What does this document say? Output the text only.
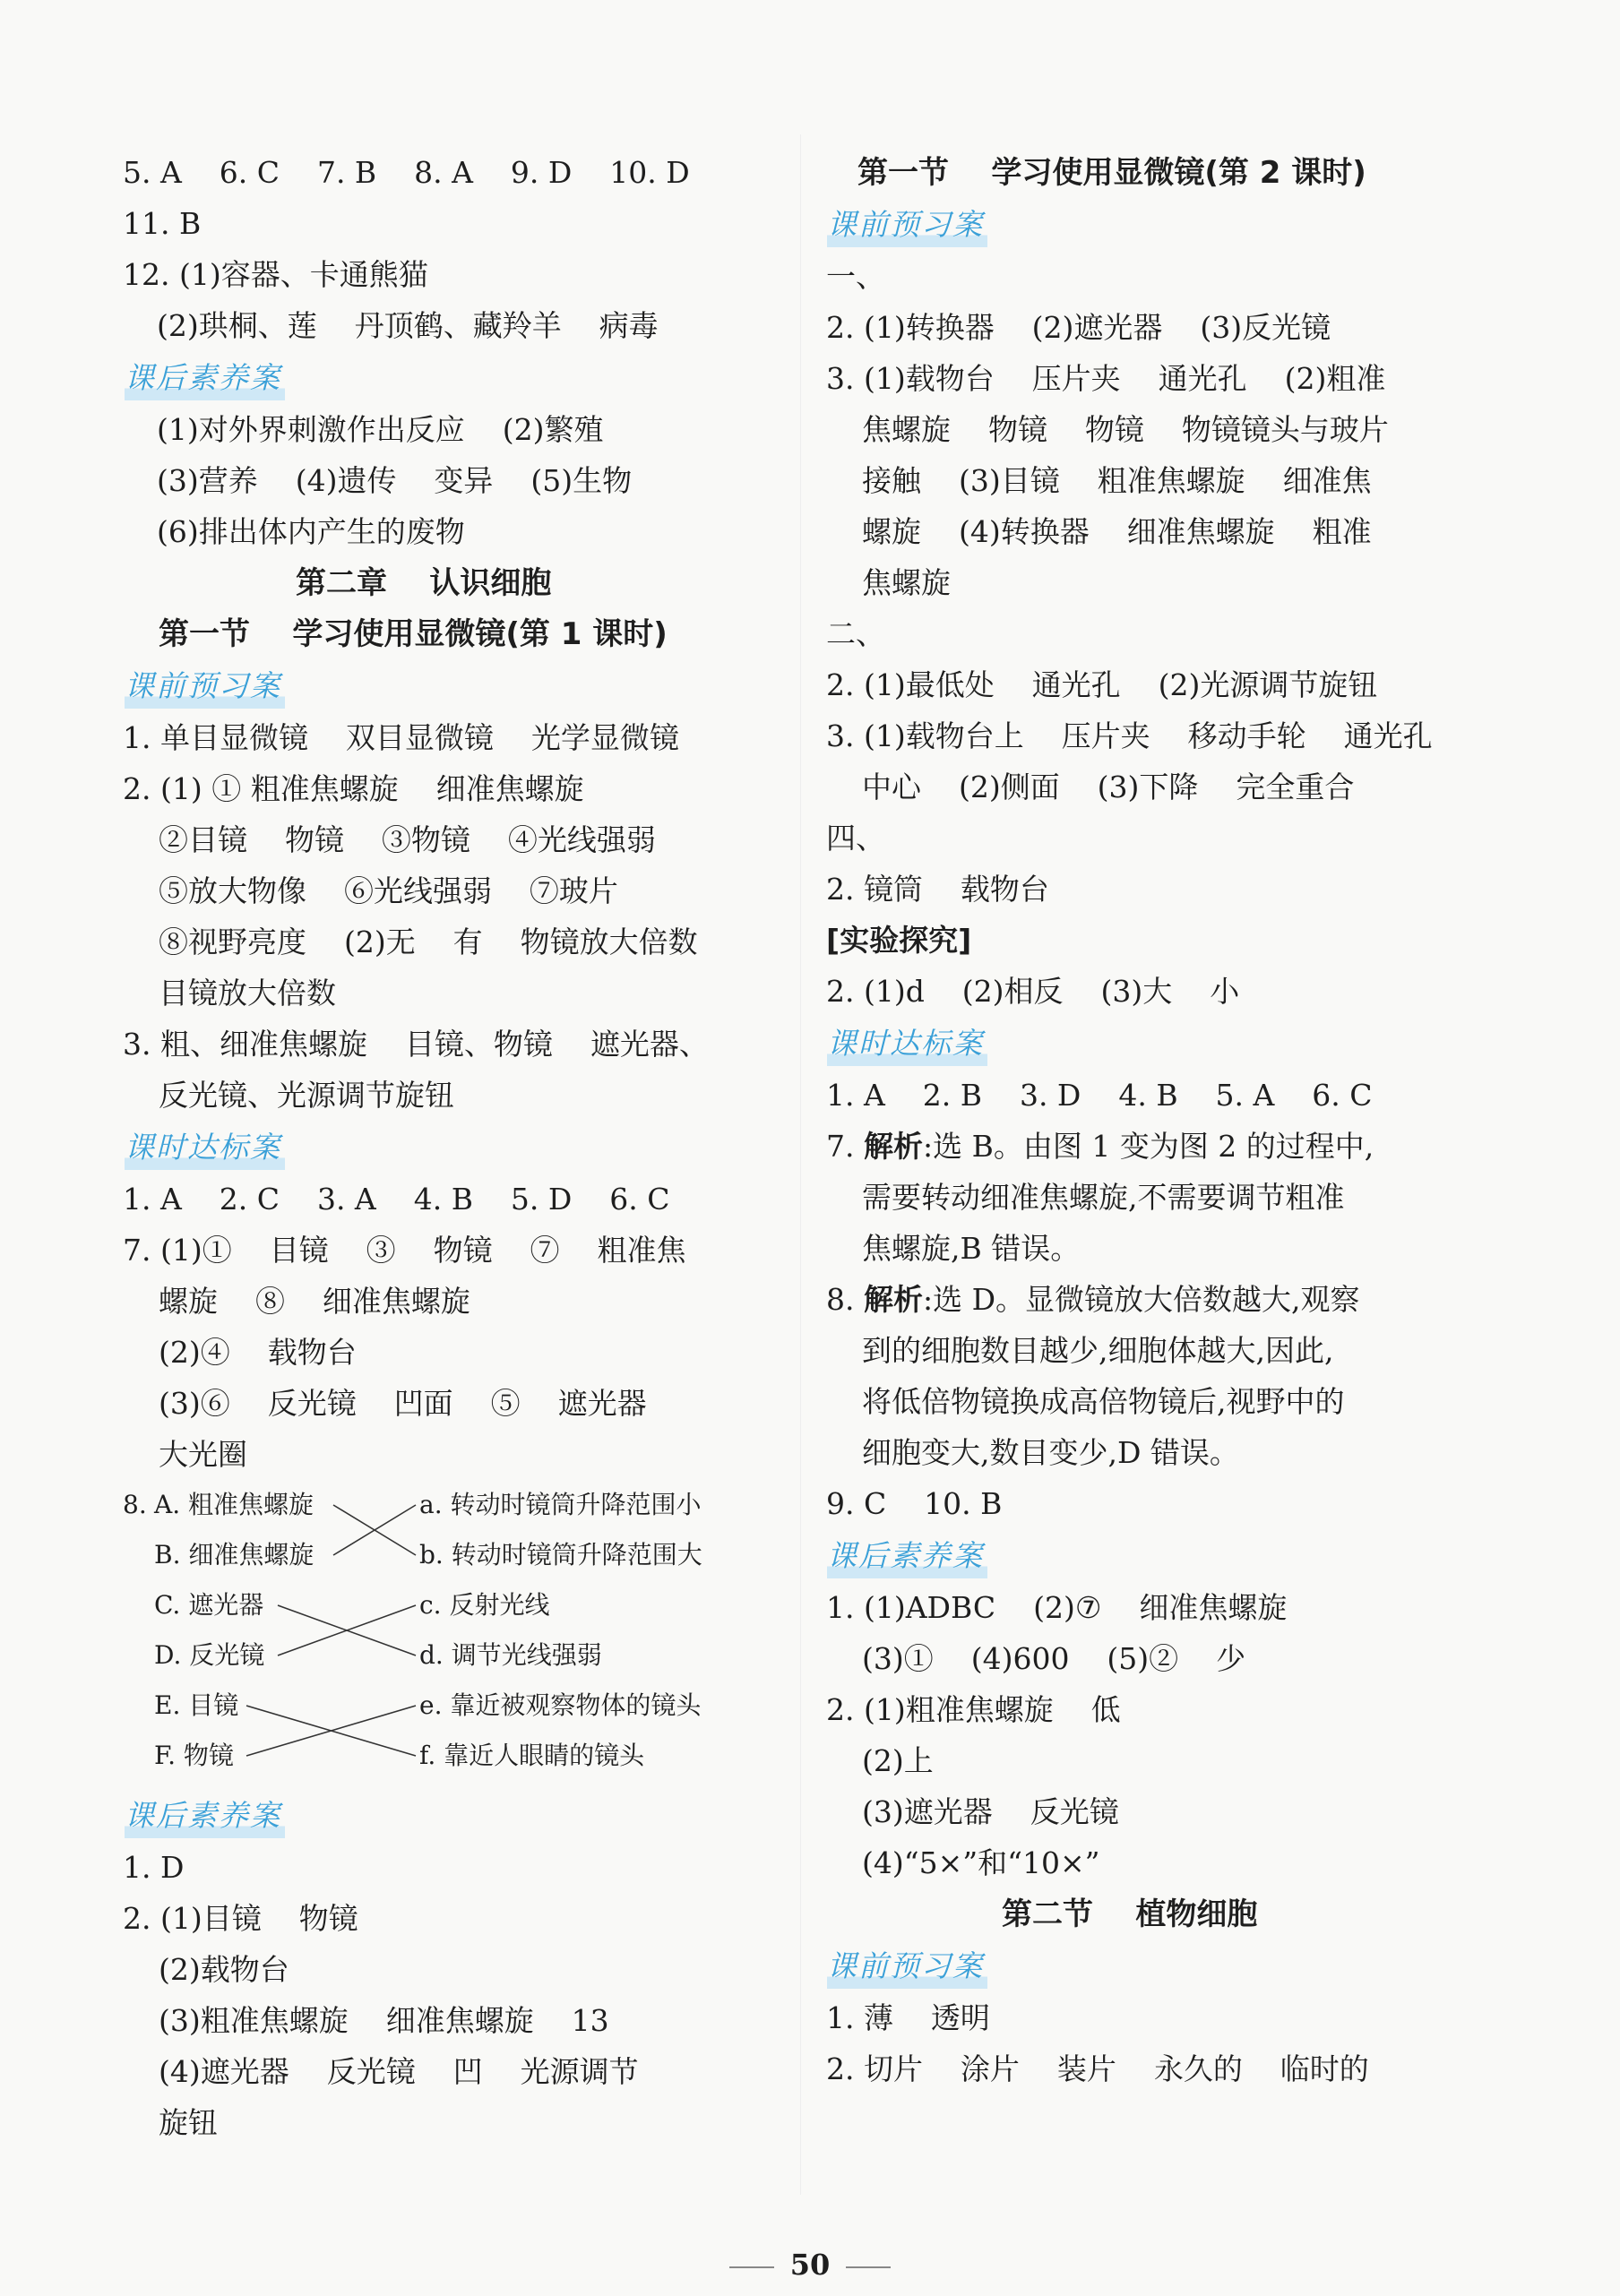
5. A    6. C    7. B    8. A    9. D    10. D
11. B
12. (1)容器、卡通熊猫
(2)珙桐、莲    丹顶鹤、藏羚羊    病毒
课后素养案
(1)对外界刺激作出反应    (2)繁殖
(3)营养    (4)遗传    变异    (5)生物
(6)排出体内产生的废物
第二章    认识细胞
第一节    学习使用显微镜(第 1 课时)
课前预习案
1. 单目显微镜    双目显微镜    光学显微镜
2. (1) ① 粗准焦螺旋    细准焦螺旋
②目镜    物镜    ③物镜    ④光线强弱
⑤放大物像    ⑥光线强弱    ⑦玻片
⑧视野亮度    (2)无    有    物镜放大倍数
目镜放大倍数
3. 粗、细准焦螺旋    目镜、物镜    遮光器、
反光镜、光源调节旋钮
课时达标案
1. A    2. C    3. A    4. B    5. D    6. C
7. (1)①    目镜    ③    物镜    ⑦    粗准焦
螺旋    ⑧    细准焦螺旋
(2)④    载物台
(3)⑥    反光镜    凹面    ⑤    遮光器
大光圈
8. A. 粗准焦螺旋
B. 细准焦螺旋
C. 遮光器
D. 反光镜
E. 目镜
F. 物镜
a. 转动时镜筒升降范围小
b. 转动时镜筒升降范围大
c. 反射光线
d. 调节光线强弱
e. 靠近被观察物体的镜头
f. 靠近人眼睛的镜头
课后素养案
1. D
2. (1)目镜    物镜
(2)载物台
(3)粗准焦螺旋    细准焦螺旋    13
(4)遮光器    反光镜    凹    光源调节
旋钮
第一节    学习使用显微镜(第 2 课时)
课前预习案
一、
2. (1)转换器    (2)遮光器    (3)反光镜
3. (1)载物台    压片夹    通光孔    (2)粗准
焦螺旋    物镜    物镜    物镜镜头与玻片
接触    (3)目镜    粗准焦螺旋    细准焦
螺旋    (4)转换器    细准焦螺旋    粗准
焦螺旋
二、
2. (1)最低处    通光孔    (2)光源调节旋钮
3. (1)载物台上    压片夹    移动手轮    通光孔
中心    (2)侧面    (3)下降    完全重合
四、
2. 镜筒    载物台
[实验探究]
2. (1)d    (2)相反    (3)大    小
课时达标案
1. A    2. B    3. D    4. B    5. A    6. C
7. 解析:选 B。由图 1 变为图 2 的过程中,
需要转动细准焦螺旋,不需要调节粗准
焦螺旋,B 错误。
8. 解析:选 D。显微镜放大倍数越大,观察
到的细胞数目越少,细胞体越大,因此,
将低倍物镜换成高倍物镜后,视野中的
细胞变大,数目变少,D 错误。
9. C    10. B
课后素养案
1. (1)ADBC    (2)⑦    细准焦螺旋
(3)①    (4)600    (5)②    少
2. (1)粗准焦螺旋    低
(2)上
(3)遮光器    反光镜
(4)“5×”和“10×”
第二节    植物细胞
课前预习案
1. 薄    透明
2. 切片    涂片    装片    永久的    临时的
50
